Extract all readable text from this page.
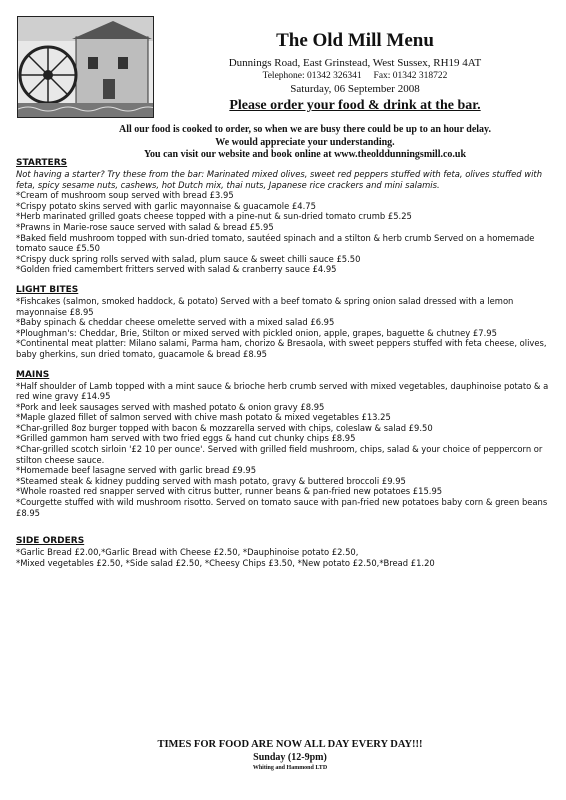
The Old Mill Menu
Dunnings Road, East Grinstead, West Sussex, RH19 4AT
Telephone: 01342 326341 Fax: 01342 318722
Saturday, 06 September 2008
Please order your food & drink at the bar.
All our food is cooked to order, so when we are busy there could be up to an hour delay.
We would appreciate your understanding.
You can visit our website and book online at www.theolddunningsmill.co.uk
STARTERS
Not having a starter? Try these from the bar: Marinated mixed olives, sweet red peppers stuffed with feta, olives stuffed with feta, spicy sesame nuts, cashews, hot Dutch mix, thai nuts, Japanese rice crackers and mini salamis.
*Cream of mushroom soup served with bread £3.95
*Crispy potato skins served with garlic mayonnaise & guacamole £4.75
*Herb marinated grilled goats cheese topped with a pine-nut & sun-dried tomato crumb £5.25
*Prawns in Marie-rose sauce served with salad & bread £5.95
*Baked field mushroom topped with sun-dried tomato, sautéed spinach and a stilton & herb crumb Served on a homemade tomato sauce £5.50
*Crispy duck spring rolls served with salad, plum sauce & sweet chilli sauce £5.50
*Golden fried camembert fritters served with salad & cranberry sauce £4.95
LIGHT BITES
*Fishcakes (salmon, smoked haddock, & potato) Served with a beef tomato & spring onion salad dressed with a lemon mayonnaise £8.95
*Baby spinach & cheddar cheese omelette served with a mixed salad £6.95
*Ploughman's: Cheddar, Brie, Stilton or mixed served with pickled onion, apple, grapes, baguette & chutney £7.95
*Continental meat platter: Milano salami, Parma ham, chorizo & Bresaola, with sweet peppers stuffed with feta cheese, olives, baby gherkins, sun dried tomato, guacamole & bread £8.95
MAINS
*Half shoulder of Lamb topped with a mint sauce & brioche herb crumb served with mixed vegetables, dauphinoise potato & a red wine gravy £14.95
*Pork and leek sausages served with mashed potato & onion gravy £8.95
*Maple glazed fillet of salmon served with chive mash potato & mixed vegetables £13.25
*Char-grilled 8oz burger topped with bacon & mozzarella served with chips, coleslaw & salad £9.50
*Grilled gammon ham served with two fried eggs & hand cut chunky chips £8.95
*Char-grilled scotch sirloin '£2 10 per ounce'. Served with grilled field mushroom, chips, salad & your choice of peppercorn or stilton cheese sauce.
*Homemade beef lasagne served with garlic bread £9.95
*Steamed steak & kidney pudding served with mash potato, gravy & buttered broccoli £9.95
*Whole roasted red snapper served with citrus butter, runner beans & pan-fried new potatoes £15.95
*Courgette stuffed with wild mushroom risotto. Served on tomato sauce with pan-fried new potatoes baby corn & green beans £8.95
SIDE ORDERS
*Garlic Bread £2.00,*Garlic Bread with Cheese £2.50, *Dauphinoise potato £2.50,
*Mixed vegetables £2.50, *Side salad £2.50, *Cheesy Chips £3.50, *New potato £2.50,*Bread £1.20
TIMES FOR FOOD ARE NOW ALL DAY EVERY DAY!!!
Sunday (12-9pm)
Whiting and Hammond LTD
